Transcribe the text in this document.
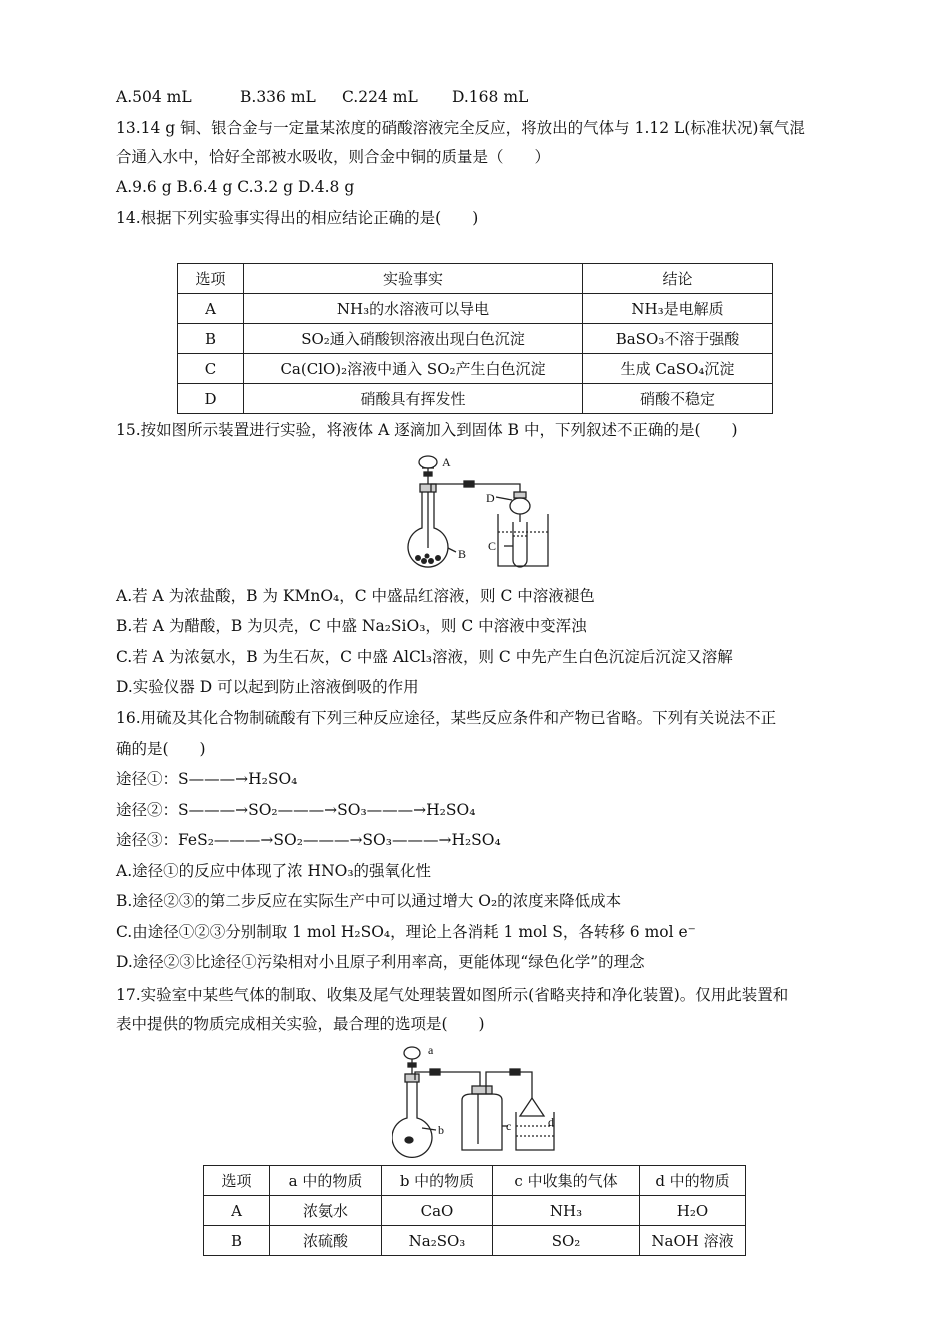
A.504 mL	B.336 mL C.224 mL D.168 mL
13.14 g 铜、银合金与一定量某浓度的硝酸溶液完全反应，将放出的气体与 1.12 L(标准状况)氧气混
合通入水中，恰好全部被水吸收，则合金中铜的质量是（　　）
A.9.6 g B.6.4 g C.3.2 g D.4.8 g
14.根据下列实验事实得出的相应结论正确的是(　　)
选项	实验事实	结论
A	NH₃的水溶液可以导电	NH₃是电解质
B	SO₂通入硝酸钡溶液出现白色沉淀	BaSO₃不溶于强酸
C	Ca(ClO)₂溶液中通入 SO₂产生白色沉淀	生成 CaSO₄沉淀
D	硝酸具有挥发性	硝酸不稳定
15.按如图所示装置进行实验，将液体 A 逐滴加入到固体 B 中，下列叙述不正确的是(　　)
A
B
C
D
A.若 A 为浓盐酸，B 为 KMnO₄，C 中盛品红溶液，则 C 中溶液褪色
B.若 A 为醋酸，B 为贝壳，C 中盛 Na₂SiO₃，则 C 中溶液中变浑浊
C.若 A 为浓氨水，B 为生石灰，C 中盛 AlCl₃溶液，则 C 中先产生白色沉淀后沉淀又溶解
D.实验仪器 D 可以起到防止溶液倒吸的作用
16.用硫及其化合物制硫酸有下列三种反应途径，某些反应条件和产物已省略。下列有关说法不正
确的是(　　)
途径①：S———→H₂SO₄
途径②：S———→SO₂———→SO₃———→H₂SO₄
途径③：FeS₂———→SO₂———→SO₃———→H₂SO₄
A.途径①的反应中体现了浓 HNO₃的强氧化性
B.途径②③的第二步反应在实际生产中可以通过增大 O₂的浓度来降低成本
C.由途径①②③分别制取 1 mol H₂SO₄，理论上各消耗 1 mol S，各转移 6 mol e⁻
D.途径②③比途径①污染相对小且原子利用率高，更能体现“绿色化学”的理念
17.实验室中某些气体的制取、收集及尾气处理装置如图所示(省略夹持和净化装置)。仅用此装置和
表中提供的物质完成相关实验，最合理的选项是(　　)
a
b	c	d
选项	a 中的物质	b 中的物质	c 中收集的气体	d 中的物质
A	浓氨水	CaO	NH₃	H₂O
B	浓硫酸	Na₂SO₃	SO₂	NaOH 溶液
